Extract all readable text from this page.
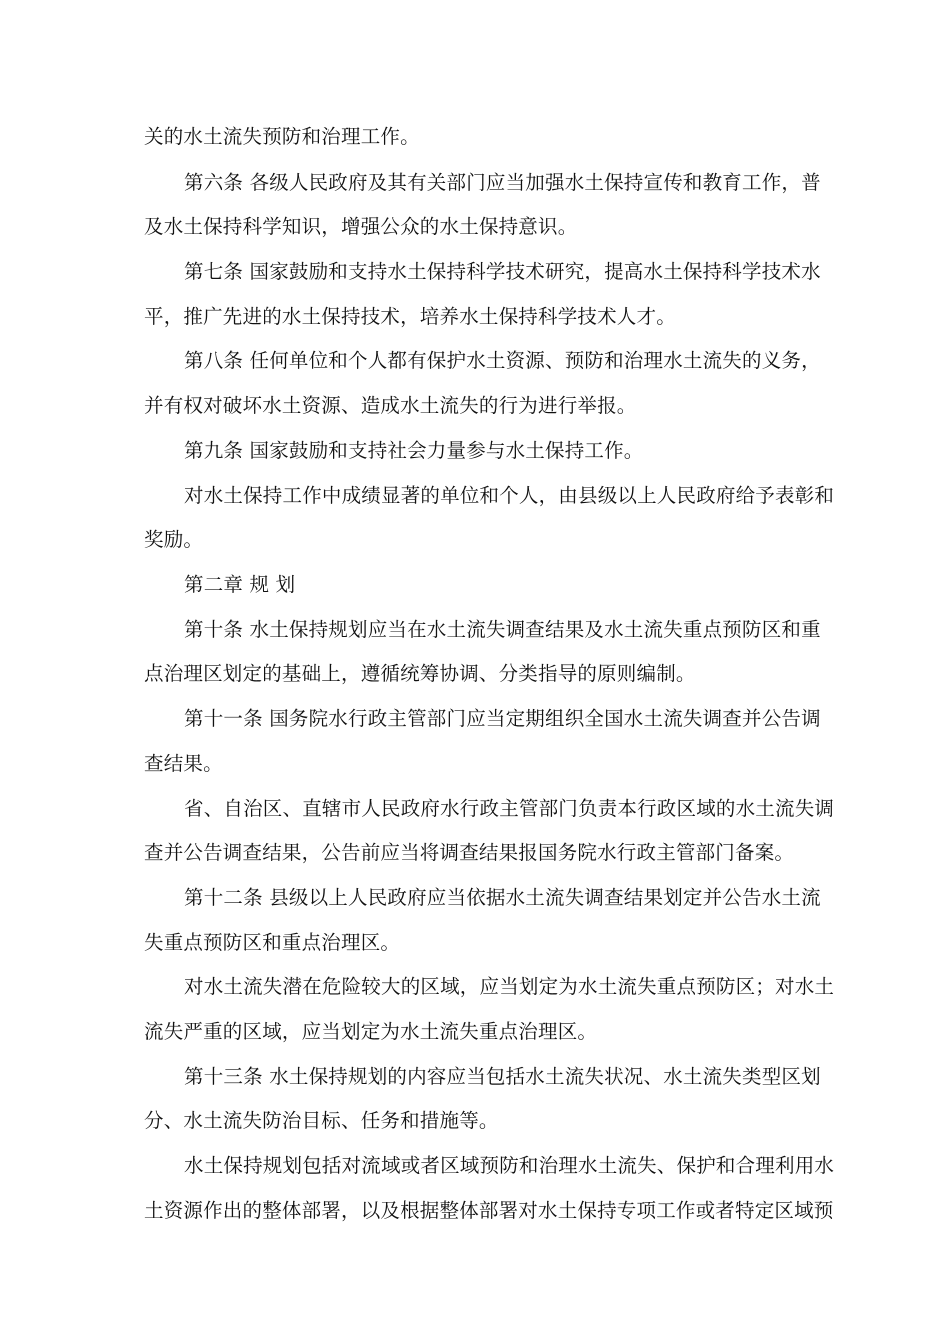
关的水土流失预防和治理工作。
第六条 各级人民政府及其有关部门应当加强水土保持宣传和教育工作，普
及水土保持科学知识，增强公众的水土保持意识。
第七条 国家鼓励和支持水土保持科学技术研究，提高水土保持科学技术水
平，推广先进的水土保持技术，培养水土保持科学技术人才。
第八条 任何单位和个人都有保护水土资源、预防和治理水土流失的义务，
并有权对破坏水土资源、造成水土流失的行为进行举报。
第九条 国家鼓励和支持社会力量参与水土保持工作。
对水土保持工作中成绩显著的单位和个人，由县级以上人民政府给予表彰和
奖励。
第二章 规 划
第十条 水土保持规划应当在水土流失调查结果及水土流失重点预防区和重
点治理区划定的基础上，遵循统筹协调、分类指导的原则编制。
第十一条 国务院水行政主管部门应当定期组织全国水土流失调查并公告调
查结果。
省、自治区、直辖市人民政府水行政主管部门负责本行政区域的水土流失调
查并公告调查结果，公告前应当将调查结果报国务院水行政主管部门备案。
第十二条 县级以上人民政府应当依据水土流失调查结果划定并公告水土流
失重点预防区和重点治理区。
对水土流失潜在危险较大的区域，应当划定为水土流失重点预防区；对水土
流失严重的区域，应当划定为水土流失重点治理区。
第十三条 水土保持规划的内容应当包括水土流失状况、水土流失类型区划
分、水土流失防治目标、任务和措施等。
水土保持规划包括对流域或者区域预防和治理水土流失、保护和合理利用水
土资源作出的整体部署，以及根据整体部署对水土保持专项工作或者特定区域预
